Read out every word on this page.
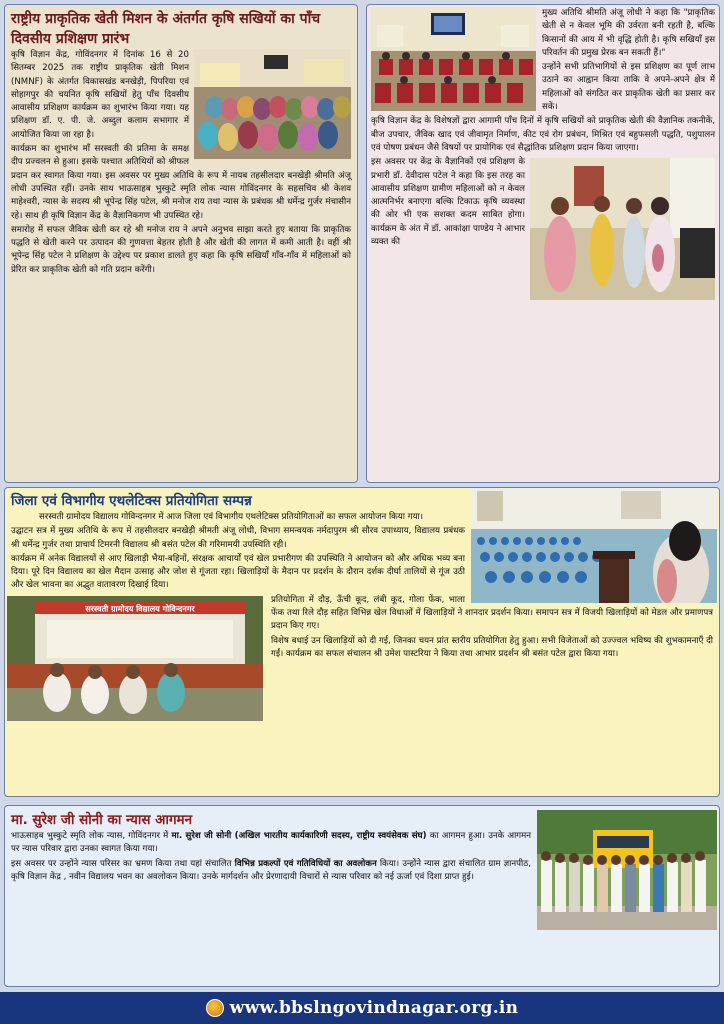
राष्ट्रीय प्राकृतिक खेती मिशन के अंतर्गत कृषि सखियों का पाँच दिवसीय प्रशिक्षण प्रारंभ

कृषि विज्ञान केंद्र, गोविंदनगर में दिनांक 16 से 20 सितम्बर 2025 तक राष्ट्रीय प्राकृतिक खेती मिशन (NMNF) के अंतर्गत विकासखंड बनखेड़ी, पिपरिया एवं सोहागपुर की चयनित कृषि सखियों हेतु पाँच दिवसीय आवासीय प्रशिक्षण कार्यक्रम का शुभारंभ किया गया। यह प्रशिक्षण डॉ. ए. पी. जे. अब्दुल कलाम सभागार में आयोजित किया जा रहा है।

कार्यक्रम का शुभारंभ माँ सरस्वती की प्रतिमा के समक्ष दीप प्रज्वलन से हुआ। इसके पश्चात अतिथियों को श्रीफल प्रदान कर स्वागत किया गया। इस अवसर पर मुख्य अतिथि के रूप में नायब तहसीलदार बनखेड़ी श्रीमति अंजू लोधी उपस्थित रहीं। उनके साथ भाऊसाहब भुस्कुटे स्मृति लोक न्यास गोविंदनगर के सहसचिव श्री केशव माहेश्वरी, न्यास के सदस्य श्री भूपेन्द्र सिंह पटेल, श्री मनोज राय तथा न्यास के प्रबंधक श्री धर्मेन्द्र गुर्जर मंचासीन रहे। साथ ही कृषि विज्ञान केंद्र के वैज्ञानिकगण भी उपस्थित रहे।

समारोह में सफल जैविक खेती कर रहे श्री मनोज राय ने अपने अनुभव साझा करते हुए बताया कि प्राकृतिक पद्धति से खेती करने पर उत्पादन की गुणवत्ता बेहतर होती है और खेती की लागत में कमी आती है। वहीं श्री भूपेन्द्र सिंह पटेल ने प्रशिक्षण के उद्देश्य पर प्रकाश डालते हुए कहा कि कृषि सखियाँ गाँव-गाँव में महिलाओं को प्रेरित कर प्राकृतिक खेती को गति प्रदान करेंगी।

मुख्य अतिथि श्रीमति अंजू लोधी ने कहा कि "प्राकृतिक खेती से न केवल भूमि की उर्वरता बनी रहती है, बल्कि किसानों की आय में भी वृद्धि होती है। कृषि सखियाँ इस परिवर्तन की प्रमुख प्रेरक बन सकती हैं।"

उन्होंने सभी प्रतिभागियों से इस प्रशिक्षण का पूर्ण लाभ उठाने का आह्वान किया ताकि वे अपने-अपने क्षेत्र में महिलाओं को संगठित कर प्राकृतिक खेती का प्रसार कर सकें।

कृषि विज्ञान केंद्र के विशेषज्ञों द्वारा आगामी पाँच दिनों में कृषि सखियों को प्राकृतिक खेती की वैज्ञानिक तकनीकें, बीज उपचार, जैविक खाद एवं जीवामृत निर्माण, कीट एवं रोग प्रबंधन, मिश्रित एवं बहुफसली पद्धति, पशुपालन एवं पोषण प्रबंधन जैसे विषयों पर प्रायोगिक एवं सैद्धांतिक प्रशिक्षण प्रदान किया जाएगा।

इस अवसर पर केंद्र के वैज्ञानिकों एवं प्रशिक्षण के प्रभारी डॉ. देवीदास पटेल ने कहा कि इस तरह का आवासीय प्रशिक्षण ग्रामीण महिलाओं को न केवल आत्मनिर्भर बनाएगा बल्कि टिकाऊ कृषि व्यवस्था की ओर भी एक सशक्त कदम साबित होगा। कार्यक्रम के अंत में डॉ. आकांक्षा पाण्डेय ने आभार व्यक्त की

जिला एवं विभागीय एथलेटिक्स प्रतियोगिता सम्पन्न

सरस्वती ग्रामोदय विद्यालय गोविन्दनगर में आज जिला एवं विभागीय एथलेटिक्स प्रतियोगिताओं का सफल आयोजन किया गया।

उद्घाटन सत्र में मुख्य अतिथि के रूप में तहसीलदार बनखेड़ी श्रीमती अंजू लोधी, विभाग समन्वयक नर्मदापुरम श्री सौरव उपाध्याय, विद्यालय प्रबंधक श्री धर्मेन्द्र गुर्जर तथा प्राचार्य टिमरनी विद्यालय श्री बसंत पटेल की गरिमामयी उपस्थिति रही।

कार्यक्रम में अनेक विद्यालयों से आए खिलाड़ी भैया-बहिनों, संरक्षक आचार्यों एवं खेल प्रभारीगण की उपस्थिति ने आयोजन को और अधिक भव्य बना दिया। पूरे दिन विद्यालय का खेल मैदान उत्साह और जोश से गूंजता रहा। खिलाड़ियों के मैदान पर प्रदर्शन के दौरान दर्शक दीर्घा तालियों से गूंज उठी और खेल भावना का अद्भुत वातावरण दिखाई दिया।

सरस्वती ग्रामोदय विद्यालय गोविन्दनगर

प्रतियोगिता में दौड़, ऊँची कूद, लंबी कूद, गोला फेंक, भाला फेंक तथा रिले दौड़ सहित विभिन्न खेल विधाओं में खिलाड़ियों ने शानदार प्रदर्शन किया। समापन सत्र में विजयी खिलाड़ियों को मेडल और प्रमाणपत्र प्रदान किए गए।

विशेष बधाई उन खिलाड़ियों को दी गई, जिनका चयन प्रांत स्तरीय प्रतियोगिता हेतु हुआ। सभी विजेताओं को उज्ज्वल भविष्य की शुभकामनाएँ दी गईं। कार्यक्रम का सफल संचालन श्री उमेश पास्टरिया ने किया तथा आभार प्रदर्शन श्री बसंत पटेल द्वारा किया गया।

मा. सुरेश जी सोनी का न्यास आगमन

भाऊसाहब भुस्कुटे स्मृति लोक न्यास, गोविंदनगर में मा. सुरेश जी सोनी (अखिल भारतीय कार्यकारिणी सदस्य, राष्ट्रीय स्वयंसेवक संघ) का आगमन हुआ। उनके आगमन पर न्यास परिवार द्वारा उनका स्वागत किया गया।

इस अवसर पर उन्होंने न्यास परिसर का भ्रमण किया तथा यहां संचालित विभिन्न प्रकल्पों एवं गतिविधियों का अवलोकन किया। उन्होंने न्यास द्वारा संचालित ग्राम ज्ञानपीठ, कृषि विज्ञान केंद्र , नवीन विद्यालय भवन का अवलोकन किया। उनके मार्गदर्शन और प्रेरणादायी विचारों से न्यास परिवार को नई ऊर्जा एवं दिशा प्राप्त हुई।

www.bbslngovindnagar.org.in
